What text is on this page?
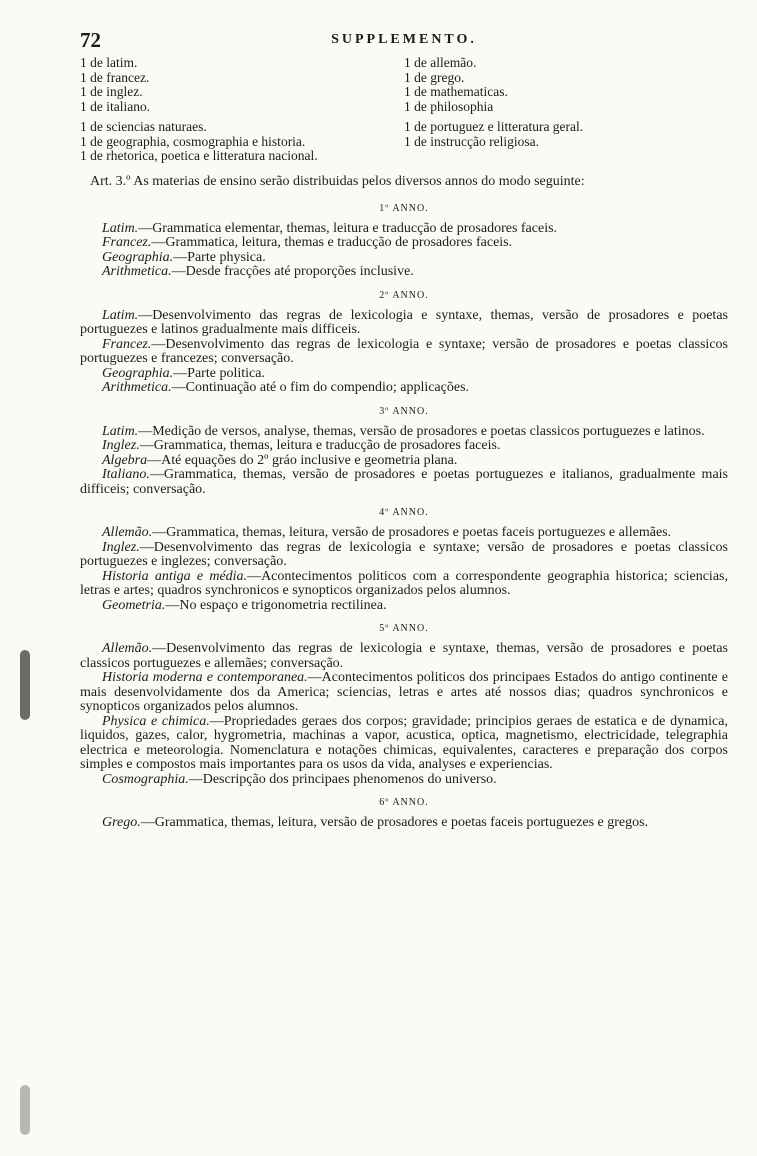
72	SUPPLEMENTO.
1 de latim.
1 de francez.
1 de inglez.
1 de italiano.
1 de allemão.
1 de grego.
1 de mathematicas.
1 de philosophia
1 de sciencias naturaes.
1 de geographia, cosmographia e historia.
1 de rhetorica, poetica e litteratura nacional.
1 de portuguez e litteratura geral.
1 de instrucção religiosa.

Art. 3.º As materias de ensino serão distribuidas pelos diversos annos do modo seguinte:

1º ANNO.

Latim.—Grammatica elementar, themas, leitura e traducção de prosadores faceis.

Francez.—Grammatica, leitura, themas e traducção de prosadores faceis.

Geographia.—Parte physica.

Arithmetica.—Desde fracções até proporções inclusive.

2º ANNO.

Latim.—Desenvolvimento das regras de lexicologia e syntaxe, themas, versão de prosadores e poetas portuguezes e latinos gradualmente mais difficeis.

Francez.—Desenvolvimento das regras de lexicologia e syntaxe; versão de prosadores e poetas classicos portuguezes e francezes; conversação.

Geographia.—Parte politica.

Arithmetica.—Continuação até o fim do compendio; applicações.

3º ANNO.

Latim.—Medição de versos, analyse, themas, versão de prosadores e poetas classicos portuguezes e latinos.

Inglez.—Grammatica, themas, leitura e traducção de prosadores faceis.

Algebra—Até equações do 2º gráo inclusive e geometria plana.

Italiano.—Grammatica, themas, versão de prosadores e poetas portuguezes e italianos, gradualmente mais difficeis; conversação.

4º ANNO.

Allemão.—Grammatica, themas, leitura, versão de prosadores e poetas faceis portuguezes e allemães.

Inglez.—Desenvolvimento das regras de lexicologia e syntaxe; versão de prosadores e poetas classicos portuguezes e inglezes; conversação.

Historia antiga e média.—Acontecimentos politicos com a correspondente geographia historica; sciencias, letras e artes; quadros synchronicos e synopticos organizados pelos alumnos.

Geometria.—No espaço e trigonometria rectilinea.

5º ANNO.

Allemão.—Desenvolvimento das regras de lexicologia e syntaxe, themas, versão de prosadores e poetas classicos portuguezes e allemães; conversação.

Historia moderna e contemporanea.—Acontecimentos politicos dos principaes Estados do antigo continente e mais desenvolvidamente dos da America; sciencias, letras e artes até nossos dias; quadros synchronicos e synopticos organizados pelos alumnos.

Physica e chimica.—Propriedades geraes dos corpos; gravidade; principios geraes de estatica e de dynamica, liquidos, gazes, calor, hygrometria, machinas a vapor, acustica, optica, magnetismo, electricidade, telegraphia electrica e meteorologia. Nomenclatura e notações chimicas, equivalentes, caracteres e preparação dos corpos simples e compostos mais importantes para os usos da vida, analyses e experiencias.

Cosmographia.—Descripção dos principaes phenomenos do universo.

6º ANNO.

Grego.—Grammatica, themas, leitura, versão de prosadores e poetas faceis portuguezes e gregos.
